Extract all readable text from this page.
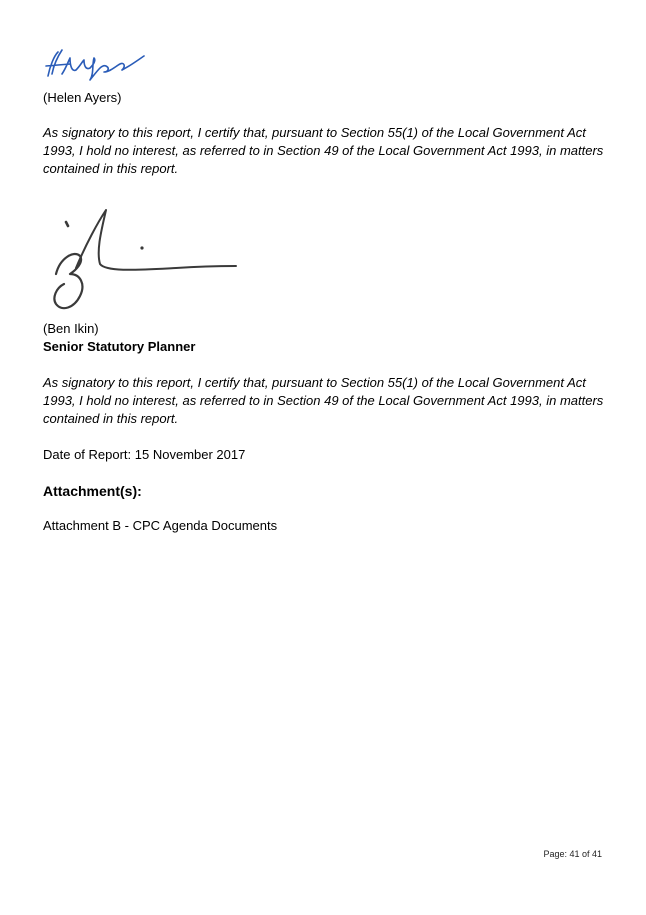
(Helen Ayers)
As signatory to this report, I certify that, pursuant to Section 55(1) of the Local Government Act 1993, I hold no interest, as referred to in Section 49 of the Local Government Act 1993, in matters contained in this report.
(Ben Ikin)
Senior Statutory Planner
As signatory to this report, I certify that, pursuant to Section 55(1) of the Local Government Act 1993, I hold no interest, as referred to in Section 49 of the Local Government Act 1993, in matters contained in this report.
Date of Report: 15 November 2017
Attachment(s):
Attachment B - CPC Agenda Documents
Page: 41 of 41
